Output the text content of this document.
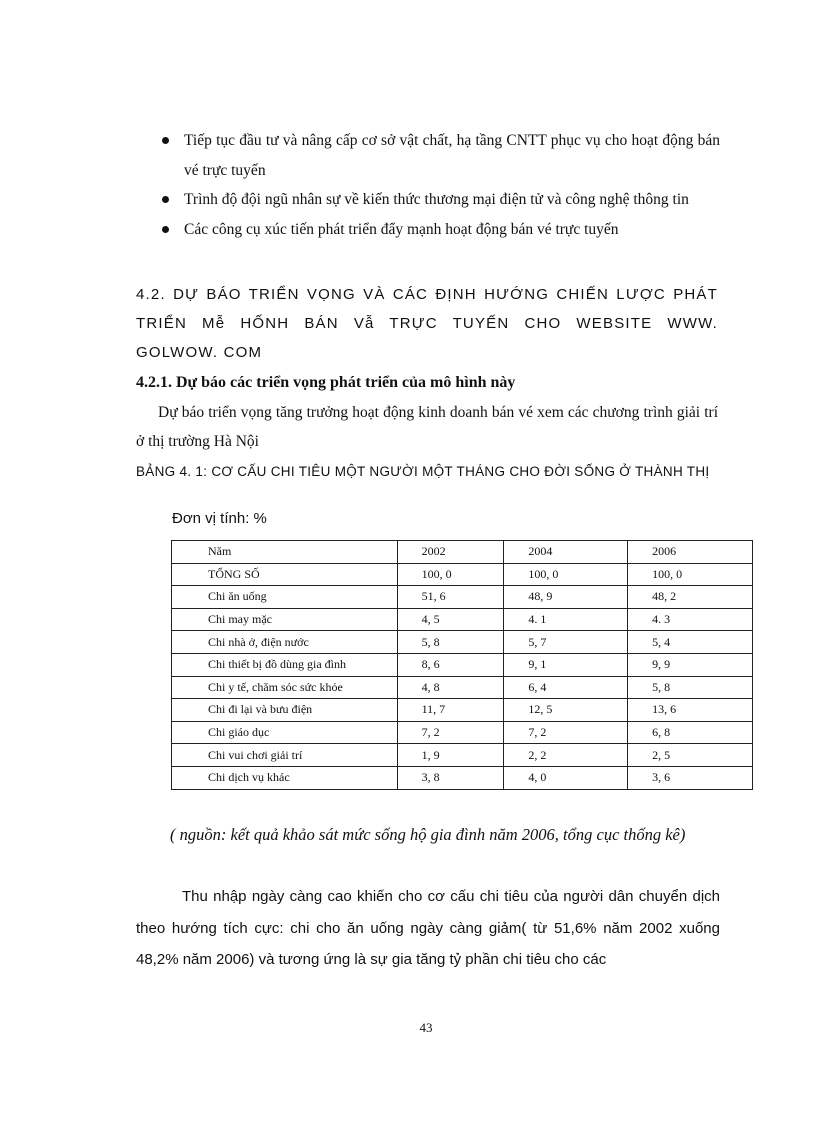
Tiếp tục đầu tư và nâng cấp cơ sở vật chất, hạ tầng CNTT phục vụ cho hoạt động bán vé trực tuyến

Trình độ đội ngũ nhân sự về kiến thức thương mại điện tử và công nghệ thông tin

Các công cụ xúc tiến phát triển đẩy mạnh hoạt động bán vé trực tuyến

4.2. DỰ BÁO TRIỂN VỌNG VÀ CÁC ĐỊNH HƯỚNG CHIẾN LƯỢC PHÁT TRIỂN Mễ HỐNH BÁN Vẫ TRỰC TUYẾN CHO WEBSITE WWW. GOLWOW. COM
4.2.1. Dự báo các triển vọng phát triển của mô hình này
Dự báo triển vọng tăng trưởng hoạt động kinh doanh bán vé xem các chương trình giải trí ở thị trường Hà Nội
BẢNG 4. 1: CƠ CẤU CHI TIÊU MỘT NGƯỜI MỘT THÁNG CHO ĐỜI SỐNG Ở THÀNH THỊ
Đơn vị tính: %
Năm	2002	2004	2006
TỔNG SỐ	100, 0	100, 0	100, 0
Chi ăn uống	51, 6	48, 9	48, 2
Chi may mặc	4, 5	4. 1	4. 3
Chi nhà ở, điện nước	5, 8	5, 7	5, 4
Chi thiết bị đồ dùng gia đình	8, 6	9, 1	9, 9
Chi y tế, chăm sóc sức khỏe	4, 8	6, 4	5, 8
Chi đi lại và bưu điện	11, 7	12, 5	13, 6
Chi giáo dục	7, 2	7, 2	6, 8
Chi vui chơi giải trí	1, 9	2, 2	2, 5
Chi dịch vụ khác	3, 8	4, 0	3, 6
( nguồn: kết quả khảo sát mức sống hộ gia đình năm 2006, tổng cục thống kê)
Thu nhập ngày càng cao khiến cho cơ cấu chi tiêu của người dân chuyển dịch theo hướng tích cực: chi cho ăn uống ngày càng giảm( từ 51,6% năm 2002 xuống 48,2% năm 2006) và tương ứng là sự gia tăng tỷ phần chi tiêu cho các
43
